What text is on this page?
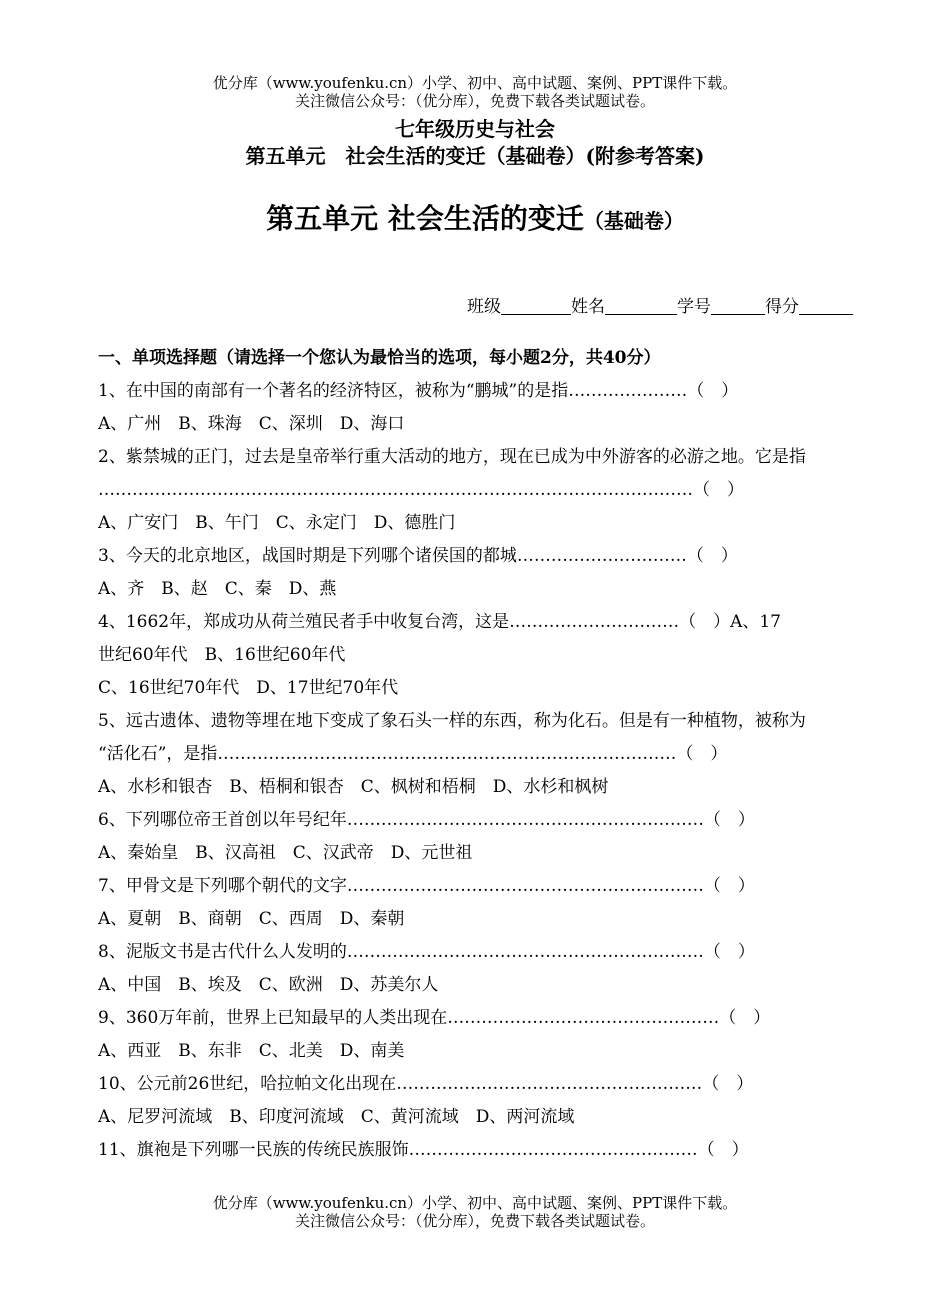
优分库（www.youfenku.cn）小学、初中、高中试题、案例、PPT课件下载。
关注微信公众号：（优分库），免费下载各类试题试卷。
七年级历史与社会
第五单元　社会生活的变迁（基础卷）(附参考答案)
第五单元 社会生活的变迁（基础卷）
班级	姓名	学号	得分

一、单项选择题（请选择一个您认为最恰当的选项，每小题2分，共40分）

1、在中国的南部有一个著名的经济特区，被称为“鹏城”的是指…………………（　）

A、广州　B、珠海　C、深圳　D、海口

2、紫禁城的正门，过去是皇帝举行重大活动的地方，现在已成为中外游客的必游之地。它是指

……………………………………………………………………………………………（　）

A、广安门　B、午门　C、永定门　D、德胜门

3、今天的北京地区，战国时期是下列哪个诸侯国的都城…………………………（　）

A、齐　B、赵　C、秦　D、燕

4、1662年，郑成功从荷兰殖民者手中收复台湾，这是…………………………（　）A、17

世纪60年代　B、16世纪60年代

C、16世纪70年代　D、17世纪70年代

5、远古遗体、遗物等埋在地下变成了象石头一样的东西，称为化石。但是有一种植物，被称为

“活化石”，是指………………………………………………………………………（　）

A、水杉和银杏　B、梧桐和银杏　C、枫树和梧桐　D、水杉和枫树

6、下列哪位帝王首创以年号纪年………………………………………………………（　）

A、秦始皇　B、汉高祖　C、汉武帝　D、元世祖

7、甲骨文是下列哪个朝代的文字………………………………………………………（　）

A、夏朝　B、商朝　C、西周　D、秦朝

8、泥版文书是古代什么人发明的………………………………………………………（　）

A、中国　B、埃及　C、欧洲　D、苏美尔人

9、360万年前，世界上已知最早的人类出现在…………………………………………（　）

A、西亚　B、东非　C、北美　D、南美

10、公元前26世纪，哈拉帕文化出现在………………………………………………（　）

A、尼罗河流域　B、印度河流域　C、黄河流域　D、两河流域

11、旗袍是下列哪一民族的传统民族服饰……………………………………………（　）

优分库（www.youfenku.cn）小学、初中、高中试题、案例、PPT课件下载。
关注微信公众号：（优分库），免费下载各类试题试卷。
